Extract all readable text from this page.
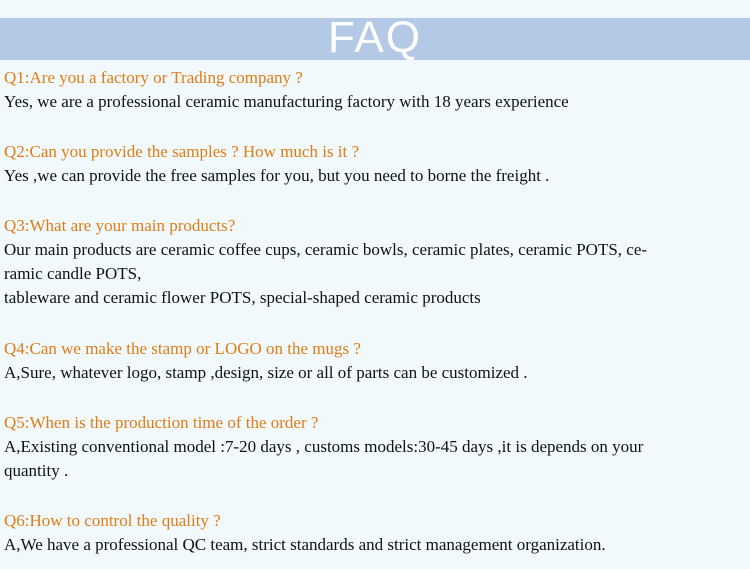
FAQ
Q1:Are you a factory or Trading company ?
Yes, we are a professional ceramic manufacturing factory with 18 years experience
Q2:Can you provide the samples ? How much is it ?
Yes ,we can provide the free samples for you, but you need to borne the freight .
Q3:What are your main products?
Our main products are ceramic coffee cups, ceramic bowls, ceramic plates, ceramic POTS, ce-
ramic candle POTS,
tableware and ceramic flower POTS, special-shaped ceramic products
Q4:Can we make the stamp or LOGO on the mugs ?
A,Sure, whatever logo, stamp ,design, size or all of parts can be customized .
Q5:When is the production time of the order ?
A,Existing conventional model :7-20 days , customs models:30-45 days ,it is depends on your
quantity .
Q6:How to control the quality ?
A,We have a professional QC team, strict standards and strict management organization.
